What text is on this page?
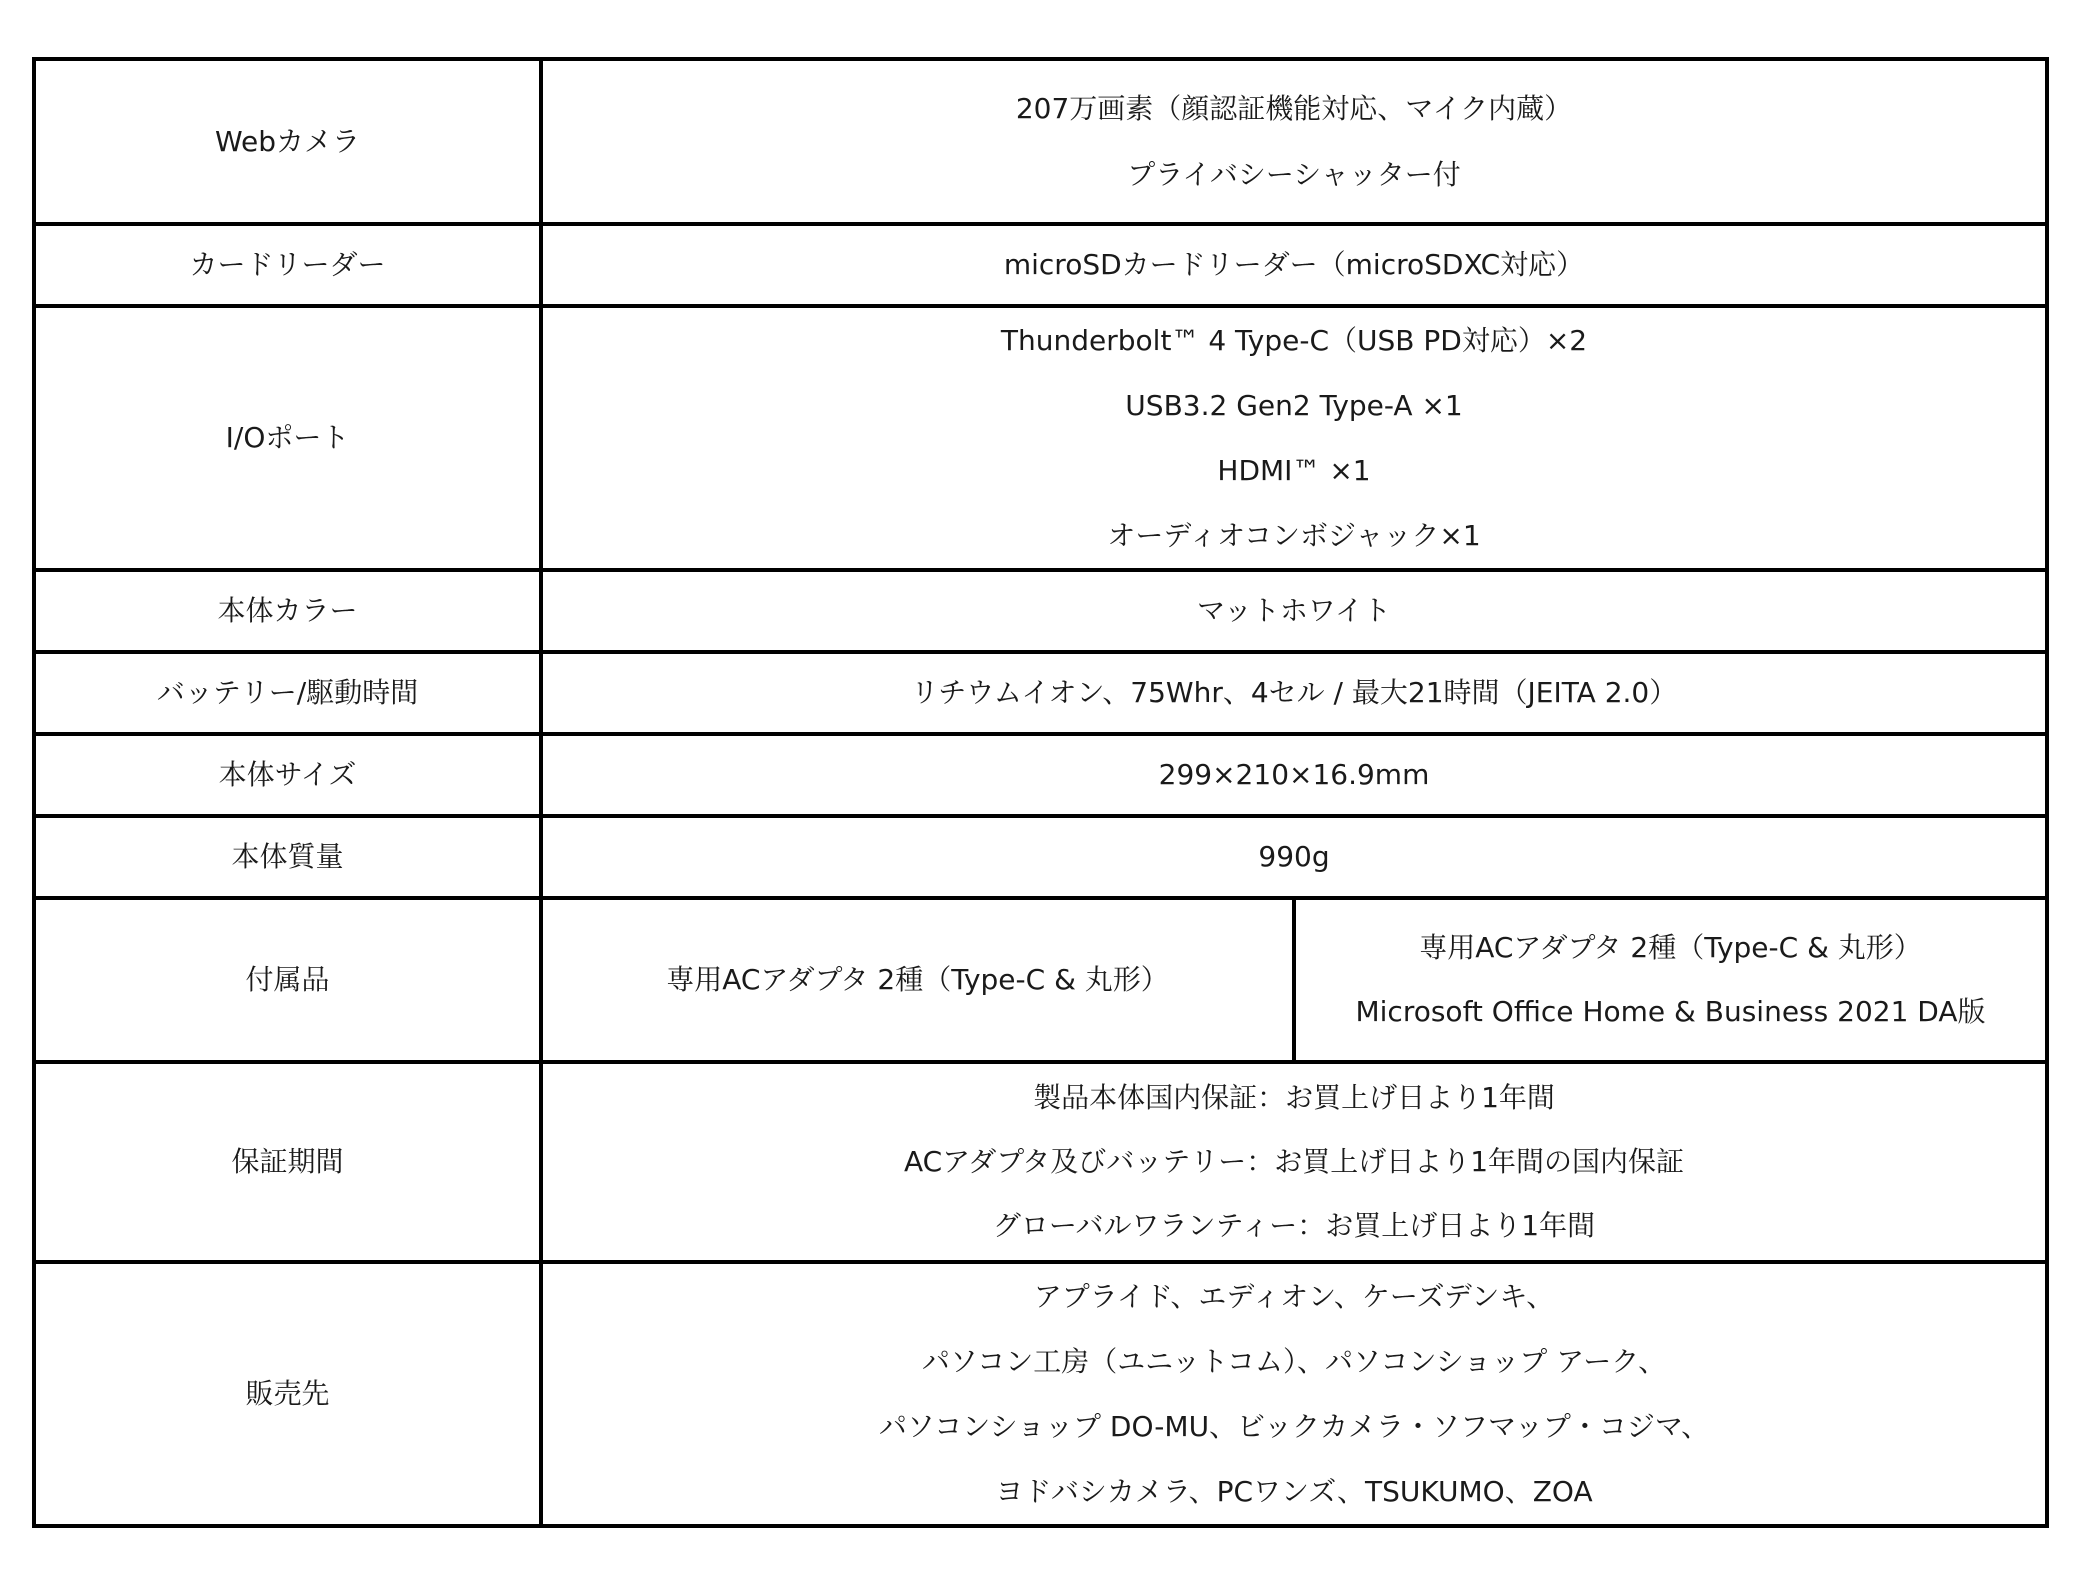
Webカメラ	207万画素（顔認証機能対応、マイク内蔵）
プライバシーシャッター付	

カードリーダー	microSDカードリーダー（microSDXC対応）	
I/Oポート	Thunderbolt™ 4 Type-C（USB PD対応）×2
USB3.2 Gen2 Type-A ×1
HDMI™ ×1
オーディオコンボジャック×1	

本体カラー	マットホワイト	
バッテリー/駆動時間	リチウムイオン、75Whr、4セル / 最大21時間（JEITA 2.0）	
本体サイズ	299×210×16.9mm	
本体質量	990g	
付属品	専用ACアダプタ 2種（Type-C & 丸形）	専用ACアダプタ 2種（Type-C & 丸形）
Microsoft Office Home & Business 2021 DA版

保証期間	製品本体国内保証：お買上げ日より1年間
ACアダプタ及びバッテリー：お買上げ日より1年間の国内保証
グローバルワランティー：お買上げ日より1年間	

販売先	アプライド、エディオン、ケーズデンキ、
パソコン工房（ユニットコム）、パソコンショップ アーク、
パソコンショップ DO-MU、ビックカメラ・ソフマップ・コジマ、
ヨドバシカメラ、PCワンズ、TSUKUMO、ZOA	
